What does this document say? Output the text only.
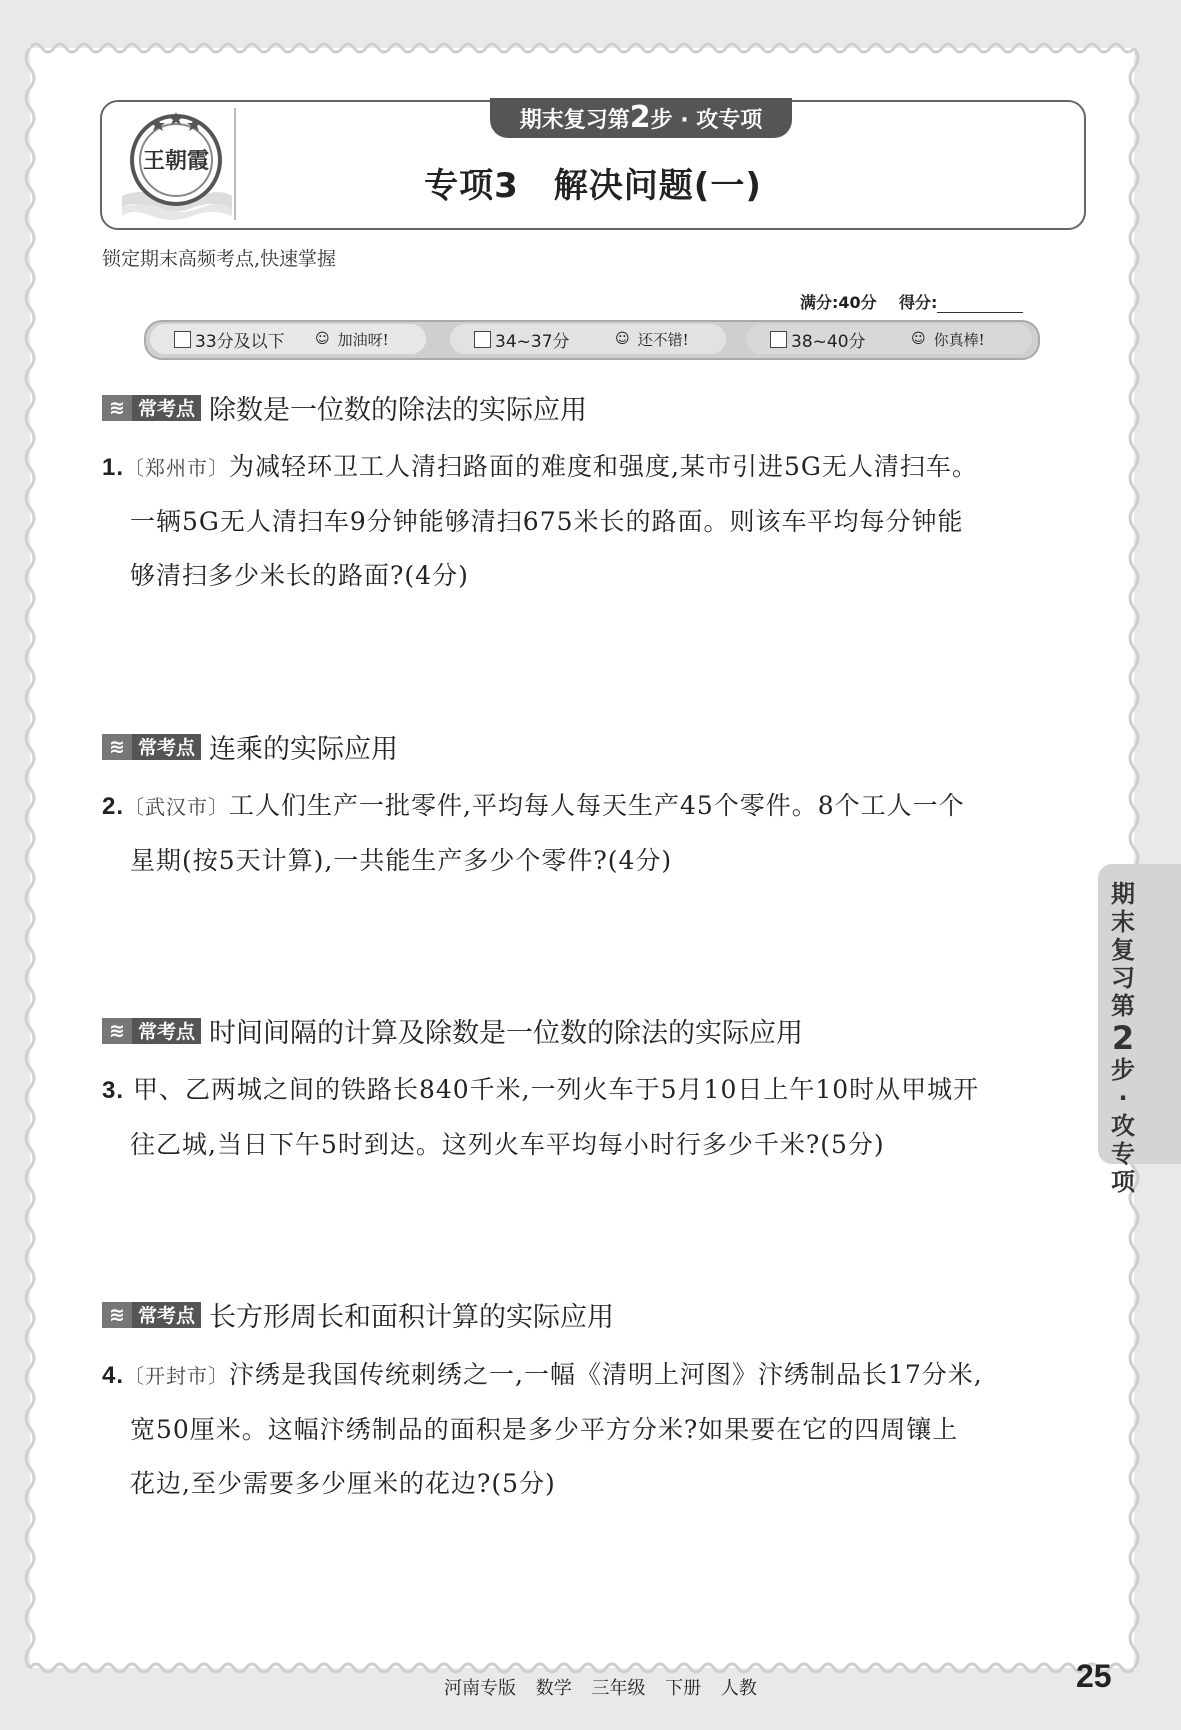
王朝霞
期末复习第2步 · 攻专项
专项3　解决问题(一)
锁定期末高频考点,快速掌握
满分:40分 得分:
33分及以下	☺ 加油呀!	34~37分	☺ 还不错!	38~40分	☺ 你真棒!
≋ 常考点 除数是一位数的除法的实际应用
1.〔郑州市〕为减轻环卫工人清扫路面的难度和强度,某市引进5G无人清扫车。
一辆5G无人清扫车9分钟能够清扫675米长的路面。则该车平均每分钟能
够清扫多少米长的路面?(4分)
≋ 常考点 连乘的实际应用
2.〔武汉市〕工人们生产一批零件,平均每人每天生产45个零件。8个工人一个
星期(按5天计算),一共能生产多少个零件?(4分)
≋ 常考点 时间间隔的计算及除数是一位数的除法的实际应用
3. 甲、乙两城之间的铁路长840千米,一列火车于5月10日上午10时从甲城开
往乙城,当日下午5时到达。这列火车平均每小时行多少千米?(5分)
≋ 常考点 长方形周长和面积计算的实际应用
4.〔开封市〕汴绣是我国传统刺绣之一,一幅《清明上河图》汴绣制品长17分米,
宽50厘米。这幅汴绣制品的面积是多少平方分米?如果要在它的四周镶上
花边,至少需要多少厘米的花边?(5分)
河南专版 数学 三年级 下册 人教	25
期末复习第
2
步·攻专项
